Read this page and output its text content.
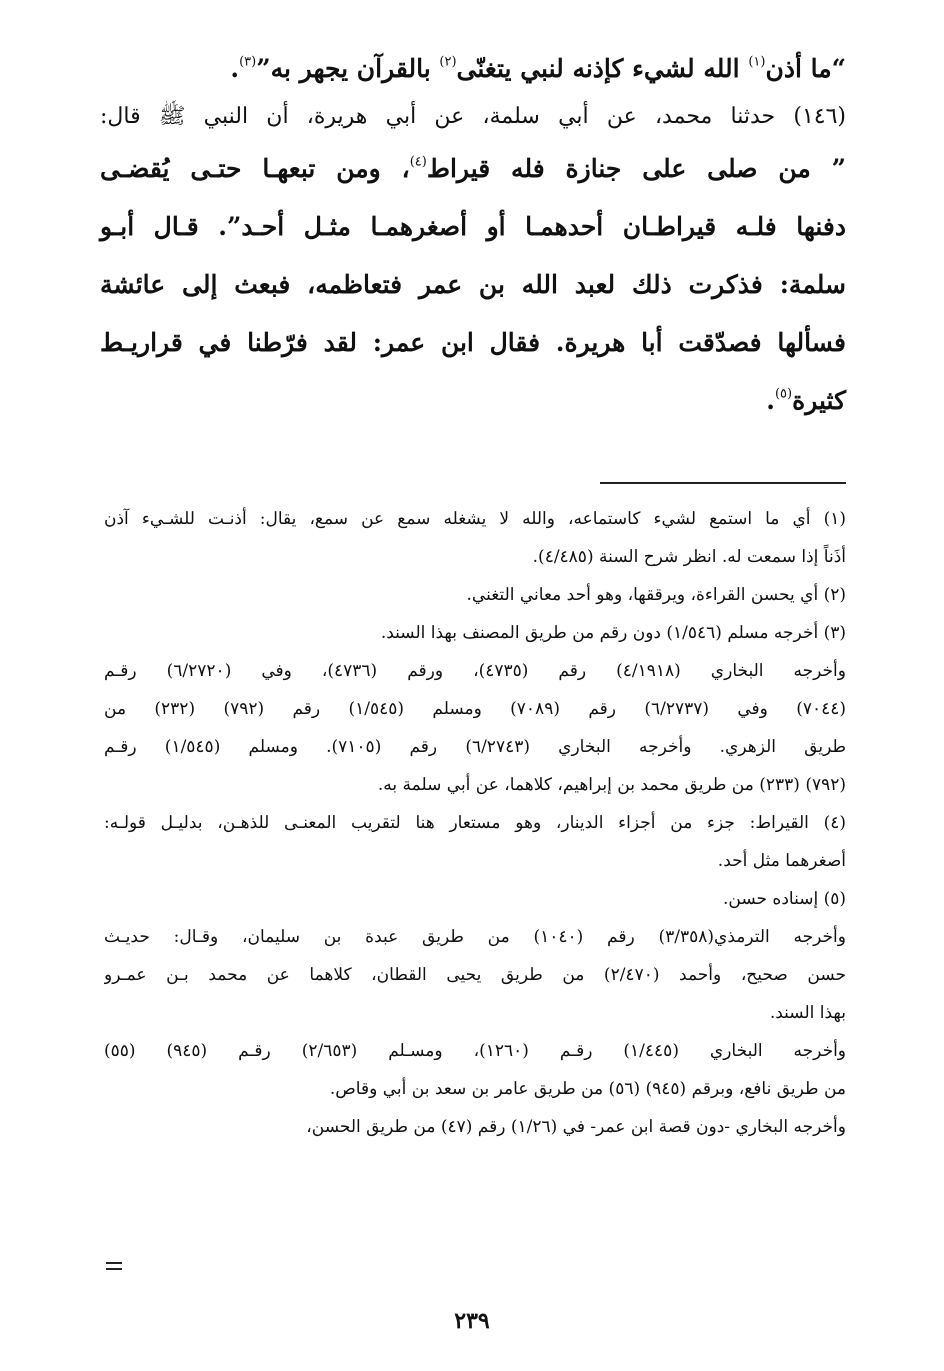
“ما أذن$^{(١)}$ الله لشيء كإذنه لنبي يتغنّى$^{(٢)}$ بالقرآن يجهر به”$^{(٣)}$.
(١٤٦) حدثنا محمد، عن أبي سلمة، عن أبي هريرة، أن النبي ﷺ قال:
” من صلى على جنازة فله قيراط$^{(٤)}$، ومن تبعهـا حتـى يُقضـى
دفنها فلـه قيراطـان أحدهمـا أو أصغرهمـا مثـل أحـد”. قـال أبـو
سلمة: فذكرت ذلك لعبد الله بن عمر فتعاظمه، فبعث إلى عائشة
فسألها فصدّقت أبا هريرة. فقال ابن عمر: لقد فرّطنا في قراريـط
كثيرة$^{(٥)}$.
(١) أي ما استمع لشيء كاستماعه، والله لا يشغله سمع عن سمع، يقال: أذنـت للشـيء آذن
أذَناً إذا سمعت له. انظر شرح السنة (٤/٤٨٥).
(٢) أي يحسن القراءة، ويرققها، وهو أحد معاني التغني.
(٣) أخرجه مسلم (١/٥٤٦) دون رقم من طريق المصنف بهذا السند.
وأخرجه البخاري (٤/١٩١٨) رقم (٤٧٣٥)، ورقم (٤٧٣٦)، وفي (٦/٢٧٢٠) رقـم
(٧٠٤٤) وفي (٦/٢٧٣٧) رقم (٧٠٨٩) ومسلم (١/٥٤٥) رقم (٧٩٢) (٢٣٢) من
طريق الزهري. وأخرجه البخاري (٦/٢٧٤٣) رقم (٧١٠٥). ومسلم (١/٥٤٥) رقـم
(٧٩٢) (٢٣٣) من طريق محمد بن إبراهيم، كلاهما، عن أبي سلمة به.
(٤) القيراط: جزء من أجزاء الدينار، وهو مستعار هنا لتقريب المعنـى للذهـن، بدليـل قولـه:
أصغرهما مثل أحد.
(٥) إسناده حسن.
وأخرجه الترمذي(٣/٣٥٨) رقم (١٠٤٠) من طريق عبدة بن سليمان، وقـال: حديـث
حسن صحيح، وأحمد (٢/٤٧٠) من طريق يحيى القطان، كلاهما عن محمد بـن عمـرو
بهذا السند.
وأخرجه البخاري (١/٤٤٥) رقـم (١٢٦٠)، ومسـلم (٢/٦٥٣) رقـم (٩٤٥) (٥٥)
من طريق نافع، وبرقم (٩٤٥) (٥٦) من طريق عامر بن سعد بن أبي وقاص.
وأخرجه البخاري -دون قصة ابن عمر- في (١/٢٦) رقم (٤٧) من طريق الحسن،
٢٣٩
